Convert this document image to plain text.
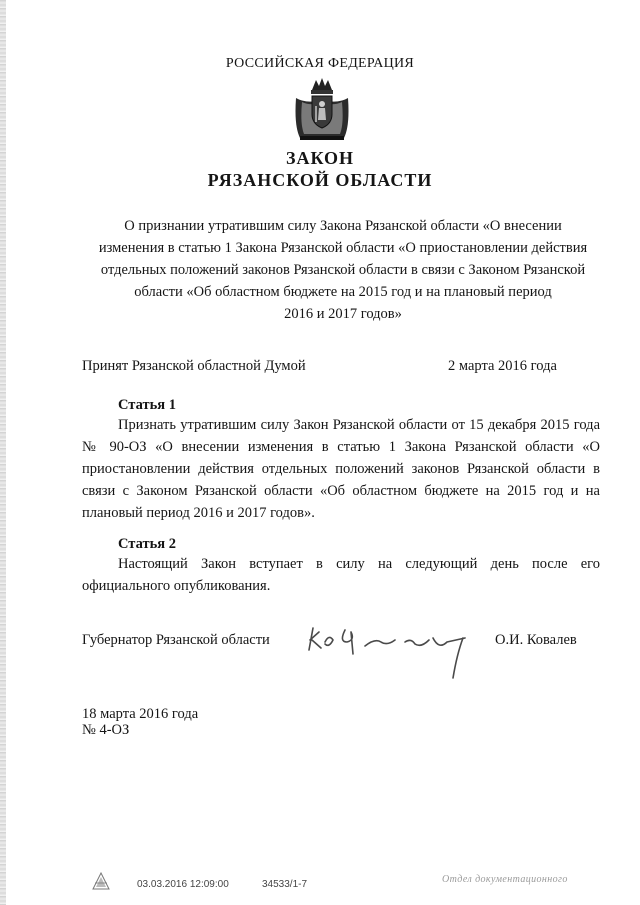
РОССИЙСКАЯ ФЕДЕРАЦИЯ
ЗАКОН
РЯЗАНСКОЙ ОБЛАСТИ
О признании утратившим силу Закона Рязанской области «О внесении
изменения в статью 1 Закона Рязанской области «О приостановлении действия
отдельных положений законов Рязанской области в связи с Законом Рязанской
области «Об областном бюджете на 2015 год и на плановый период
2016 и 2017 годов»
Принят Рязанской областной Думой	2 марта 2016 года
Статья 1
Признать утратившим силу Закон Рязанской области от 15 декабря 2015 года № 90-ОЗ «О внесении изменения в статью 1 Закона Рязанской области «О приостановлении действия отдельных положений законов Рязанской области в связи с Законом Рязанской области «Об областном бюджете на 2015 год и на плановый период 2016 и 2017 годов».
Статья 2
Настоящий Закон вступает в силу на следующий день после его официального опубликования.
Губернатор Рязанской области	О.И. Ковалев
18 марта 2016 года
№ 4-ОЗ
03.03.2016 12:09:00	34533/1-7	Отдел документационного
